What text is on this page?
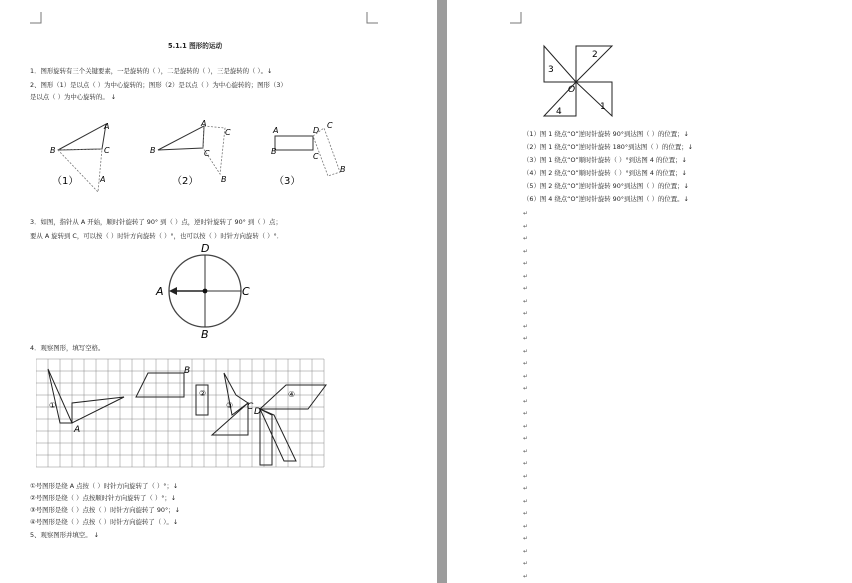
5.1.1 图形的运动
1．图形旋转有三个关键要素，一是旋转的（ ），二是旋转的（ ），三是旋转的（ ）。↓
2、图形（1）是以点（ ）为中心旋转的；图形（2）是以点（ ）为中心旋转的；图形（3）
是以点（ ）为中心旋转的。 ↓
B
A
C
A
（1）
B
A
C
C
B
（2）
A	D
C
B
C
B
（3）
3．如图，指针从 A 开始，顺时针旋转了 90° 到（ ）点，逆时针旋转了 90° 到（ ）点；
要从 A 旋转到 C，可以按（ ）时针方向旋转（ ）°，也可以按（ ）时针方向旋转（ ）°．
D
A	C
B
4．观察图形，填写空格。
①
②
③
④
A
B
C D
①号图形是绕 A 点按（ ）时针方向旋转了（ ）°；↓
②号图形是绕（ ）点按顺时针方向旋转了（ ）°；↓
③号图形是绕（ ）点按（ ）时针方向旋转了 90°；↓
④号图形是绕（ ）点按（ ）时针方向旋转了（ ）。↓
5、观察图形并填空。 ↓
O
1
2
3
4
（1）图 1 绕点“O”逆时针旋转 90°到达图（ ）的位置；↓
（2）图 1 绕点“O”逆时针旋转 180°到达图（ ）的位置；↓
（3）图 1 绕点“O”顺时针旋转（ ）°到达图 4 的位置；↓
（4）图 2 绕点“O”顺时针旋转（ ）°到达图 4 的位置；↓
（5）图 2 绕点“O”逆时针旋转 90°到达图（ ）的位置；↓
（6）图 4 绕点“O”逆时针旋转 90°到达图（ ）的位置。↓
↵
↵
↵
↵
↵
↵
↵
↵
↵
↵
↵
↵
↵
↵
↵
↵
↵
↵
↵
↵
↵
↵
↵
↵
↵
↵
↵
↵
↵
↵
